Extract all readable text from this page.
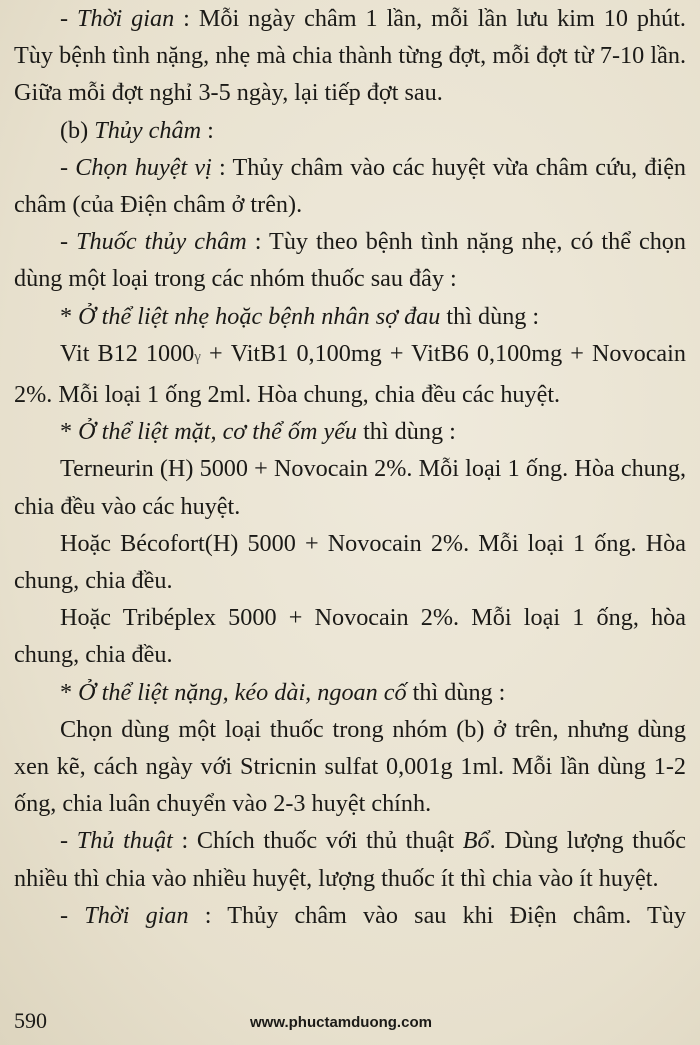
- Thời gian : Mỗi ngày châm 1 lần, mỗi lần lưu kim 10 phút. Tùy bệnh tình nặng, nhẹ mà chia thành từng đợt, mỗi đợt từ 7-10 lần. Giữa mỗi đợt nghỉ 3-5 ngày, lại tiếp đợt sau.

(b) Thủy châm :

- Chọn huyệt vị : Thủy châm vào các huyệt vừa châm cứu, điện châm (của Điện châm ở trên).

- Thuốc thủy châm : Tùy theo bệnh tình nặng nhẹ, có thể chọn dùng một loại trong các nhóm thuốc sau đây :

* Ở thể liệt nhẹ hoặc bệnh nhân sợ đau thì dùng :

Vit B12 1000γ + VitB1 0,100mg + VitB6 0,100mg + Novocain 2%. Mỗi loại 1 ống 2ml. Hòa chung, chia đều các huyệt.

* Ở thể liệt mặt, cơ thể ốm yếu thì dùng :

Terneurin (H) 5000 + Novocain 2%. Mỗi loại 1 ống. Hòa chung, chia đều vào các huyệt.

Hoặc Bécofort(H) 5000 + Novocain 2%. Mỗi loại 1 ống. Hòa chung, chia đều.

Hoặc Tribéplex 5000 + Novocain 2%. Mỗi loại 1 ống, hòa chung, chia đều.

* Ở thể liệt nặng, kéo dài, ngoan cố thì dùng :

Chọn dùng một loại thuốc trong nhóm (b) ở trên, nhưng dùng xen kẽ, cách ngày với Stricnin sulfat 0,001g 1ml. Mỗi lần dùng 1-2 ống, chia luân chuyển vào 2-3 huyệt chính.

- Thủ thuật : Chích thuốc với thủ thuật Bổ. Dùng lượng thuốc nhiều thì chia vào nhiều huyệt, lượng thuốc ít thì chia vào ít huyệt.

- Thời gian : Thủy châm vào sau khi Điện châm. Tùy

590	www.phuctamduong.com
